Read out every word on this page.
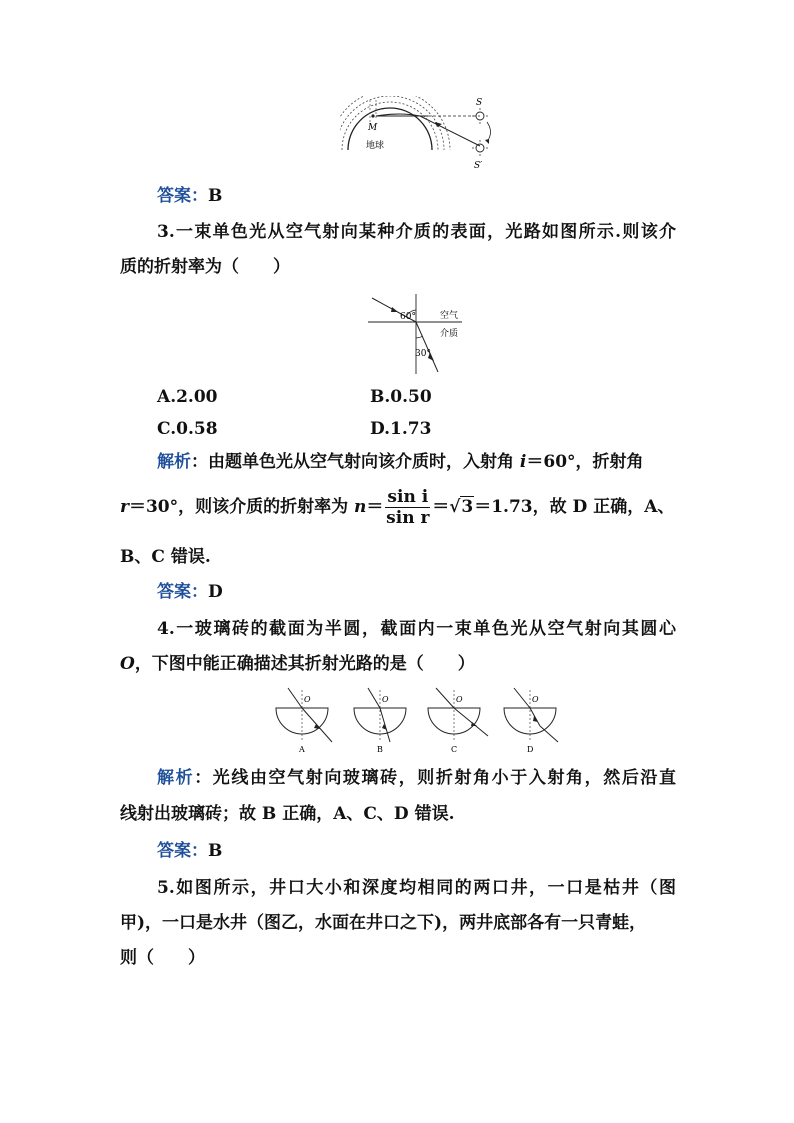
M
地球
S
S′
答案：B
3.一束单色光从空气射向某种介质的表面，光路如图所示.则该介
质的折射率为（　　）
60°
30°
空气
介质
A.2.00	B.0.50
C.0.58	D.1.73
解析：由题单色光从空气射向该介质时，入射角 i＝60°，折射角
r＝30°，则该介质的折射率为 $n= \frac{\text{sin i}}{\text{sin r}} =√3=1.73$，故 D 正确，A、
B、C 错误.
答案：D
4.一玻璃砖的截面为半圆，截面内一束单色光从空气射向其圆心
O，下图中能正确描述其折射光路的是（　　）
O
A
O
B
O
C
O
D
解析：光线由空气射向玻璃砖，则折射角小于入射角，然后沿直
线射出玻璃砖；故 B 正确，A、C、D 错误.
答案：B
5.如图所示，井口大小和深度均相同的两口井，一口是枯井（图
甲)，一口是水井（图乙，水面在井口之下)，两井底部各有一只青蛙，
则（　　）
